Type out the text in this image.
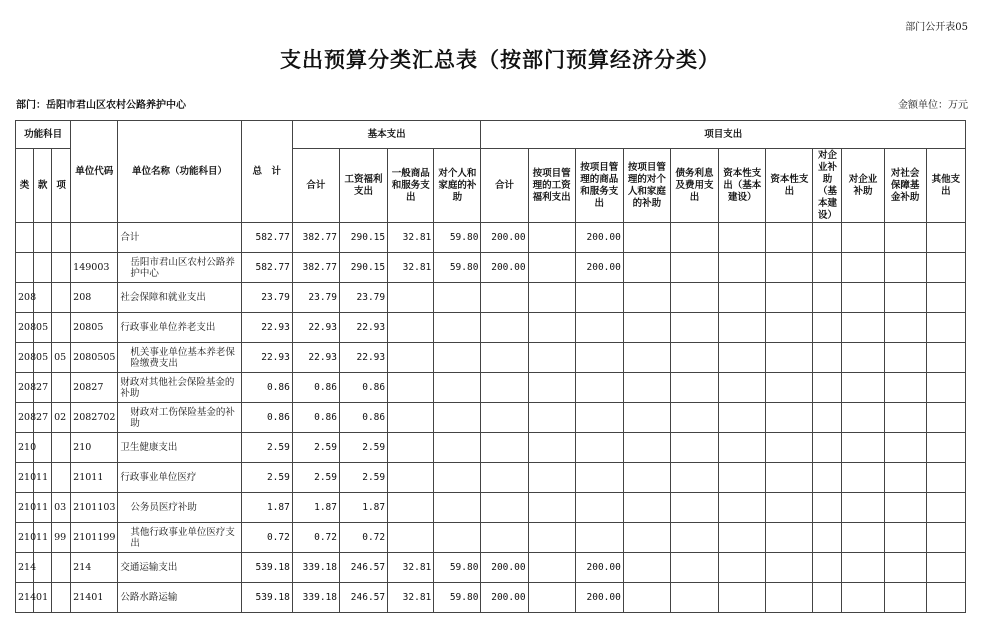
部门公开表05
支出预算分类汇总表（按部门预算经济分类）
部门：岳阳市君山区农村公路养护中心	金额单位：万元
功能科目			单位代码	单位名称（功能科目）	总　计	基本支出				项目支出										
类	款	项				合计	工资福利支出	一般商品和服务支出	对个人和家庭的补助	合计	按项目管理的工资福利支出	按项目管理的商品和服务支出	按项目管理的对个人和家庭的补助	债务利息及费用支出	资本性支出（基本建设）	资本性支出	对企业补助（基本建设）	对企业补助	对社会保障基金补助	其他支出
				合计	582.77	382.77	290.15	32.81	59.80	200.00		200.00								
			149003	岳阳市君山区农村公路养护中心	582.77	382.77	290.15	32.81	59.80	200.00		200.00								
208			208	社会保障和就业支出	23.79	23.79	23.79													
208	05		20805	行政事业单位养老支出	22.93	22.93	22.93													
208	05	05	2080505	机关事业单位基本养老保险缴费支出	22.93	22.93	22.93													
208	27		20827	财政对其他社会保险基金的补助	0.86	0.86	0.86													
208	27	02	2082702	财政对工伤保险基金的补助	0.86	0.86	0.86													
210			210	卫生健康支出	2.59	2.59	2.59													
210	11		21011	行政事业单位医疗	2.59	2.59	2.59													
210	11	03	2101103	公务员医疗补助	1.87	1.87	1.87													
210	11	99	2101199	其他行政事业单位医疗支出	0.72	0.72	0.72													
214			214	交通运输支出	539.18	339.18	246.57	32.81	59.80	200.00		200.00								
214	01		21401	公路水路运输	539.18	339.18	246.57	32.81	59.80	200.00		200.00								
